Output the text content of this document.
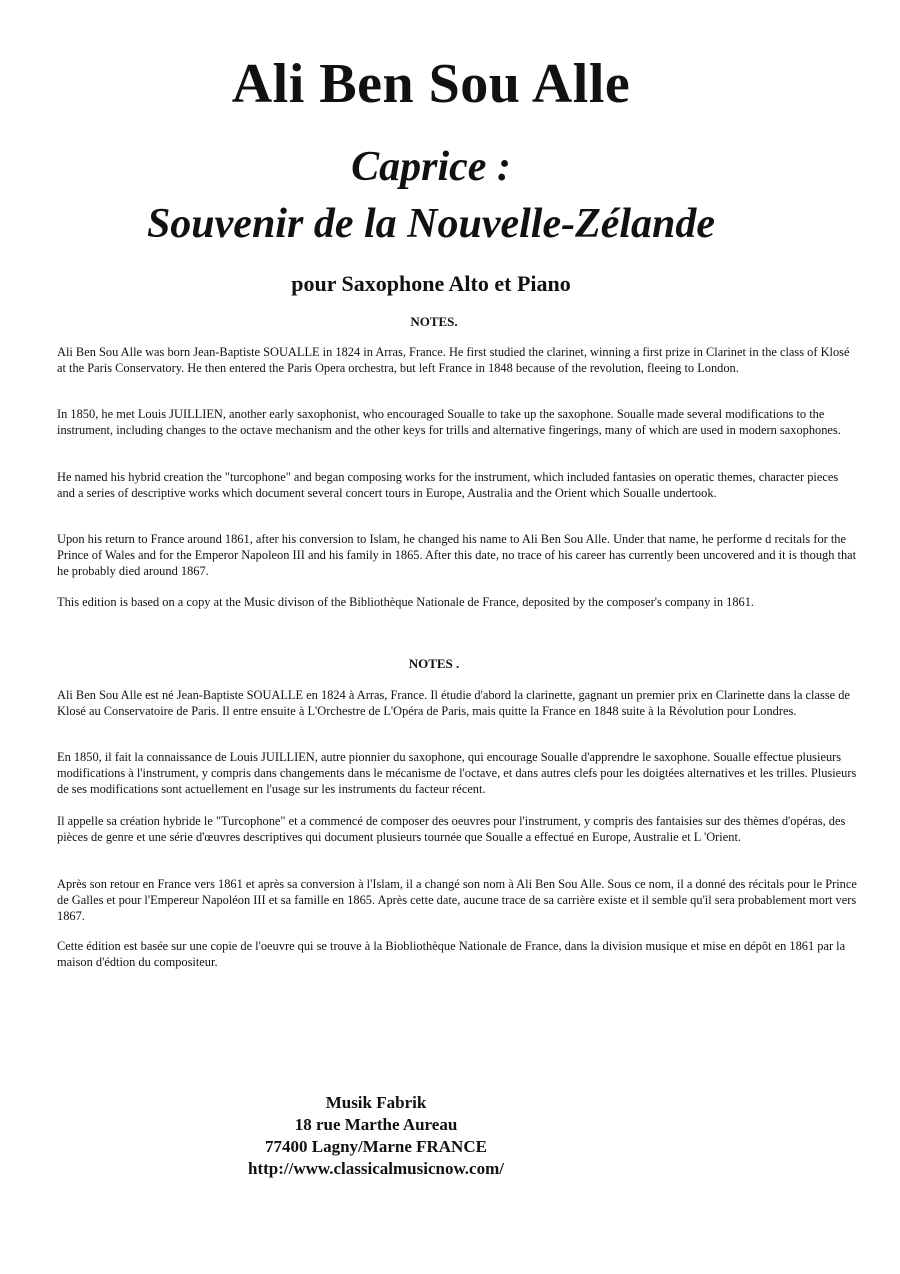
Ali Ben Sou Alle
Caprice :
Souvenir de la Nouvelle-Zélande
pour Saxophone Alto et Piano
NOTES.

Ali Ben Sou Alle was born Jean-Baptiste SOUALLE in 1824 in Arras, France. He first studied the clarinet, winning a first prize in Clarinet in the class of Klosé at the Paris Conservatory. He then entered the Paris Opera orchestra, but left France in 1848 because of the revolution, fleeing to London.

In 1850, he met Louis JUILLIEN, another early saxophonist, who encouraged Soualle to take up the saxophone. Soualle made several modifications to the instrument, including changes to the octave mechanism and the other keys for trills and alternative fingerings, many of which are used in modern saxophones.

He named his hybrid creation the "turcophone" and began composing works for the instrument, which included fantasies on operatic themes, character pieces and a series of descriptive works which document several concert tours in Europe, Australia and the Orient which Soualle undertook.

Upon his return to France around 1861, after his conversion to Islam, he changed his name to Ali Ben Sou Alle. Under that name, he performe d recitals for the Prince of Wales and for the Emperor Napoleon III and his family in 1865. After this date, no trace of his career has currently been uncovered and it is though that he probably died around 1867.

This edition is based on a copy at the Music divison of the Bibliothèque Nationale de France, deposited by the composer's company in 1861.

NOTES .

Ali Ben Sou Alle est né Jean-Baptiste SOUALLE en 1824 à Arras, France. Il étudie d'abord la clarinette, gagnant un premier prix en Clarinette dans la classe de Klosé au Conservatoire de Paris. Il entre ensuite à L'Orchestre de L'Opéra de Paris, mais quitte la France en 1848 suite à la Révolution pour Londres.

En 1850, il fait la connaissance de Louis JUILLIEN, autre pionnier du saxophone, qui encourage Soualle d'apprendre le saxophone. Soualle effectue plusieurs modifications à l'instrument, y compris dans changements dans le mécanisme de l'octave, et dans autres clefs pour les doigtées alternatives et les trilles. Plusieurs de ses modifications sont actuellement en l'usage sur les instruments du facteur récent.

Il appelle sa création hybride le "Turcophone" et a commencé de composer des oeuvres pour l'instrument, y compris des fantaisies sur des thèmes d'opéras, des pièces de genre et une série d'œuvres descriptives qui document plusieurs tournée que Soualle a effectué en Europe, Australie et L 'Orient.

Après son retour en France vers 1861 et après sa conversion à l'Islam, il a changé son nom à Ali Ben Sou Alle. Sous ce nom, il a donné des récitals pour le Prince de Galles et pour l'Empereur Napoléon III et sa famille en 1865. Après cette date, aucune trace de sa carrière existe et il semble qu'il sera probablement mort vers 1867.

Cette édition est basée sur une copie de l'oeuvre qui se trouve à la Biobliothèque Nationale de France, dans la division musique et mise en dépôt en 1861 par la maison d'édtion du compositeur.

Musik Fabrik
18 rue Marthe Aureau
77400 Lagny/Marne FRANCE
http://www.classicalmusicnow.com/
